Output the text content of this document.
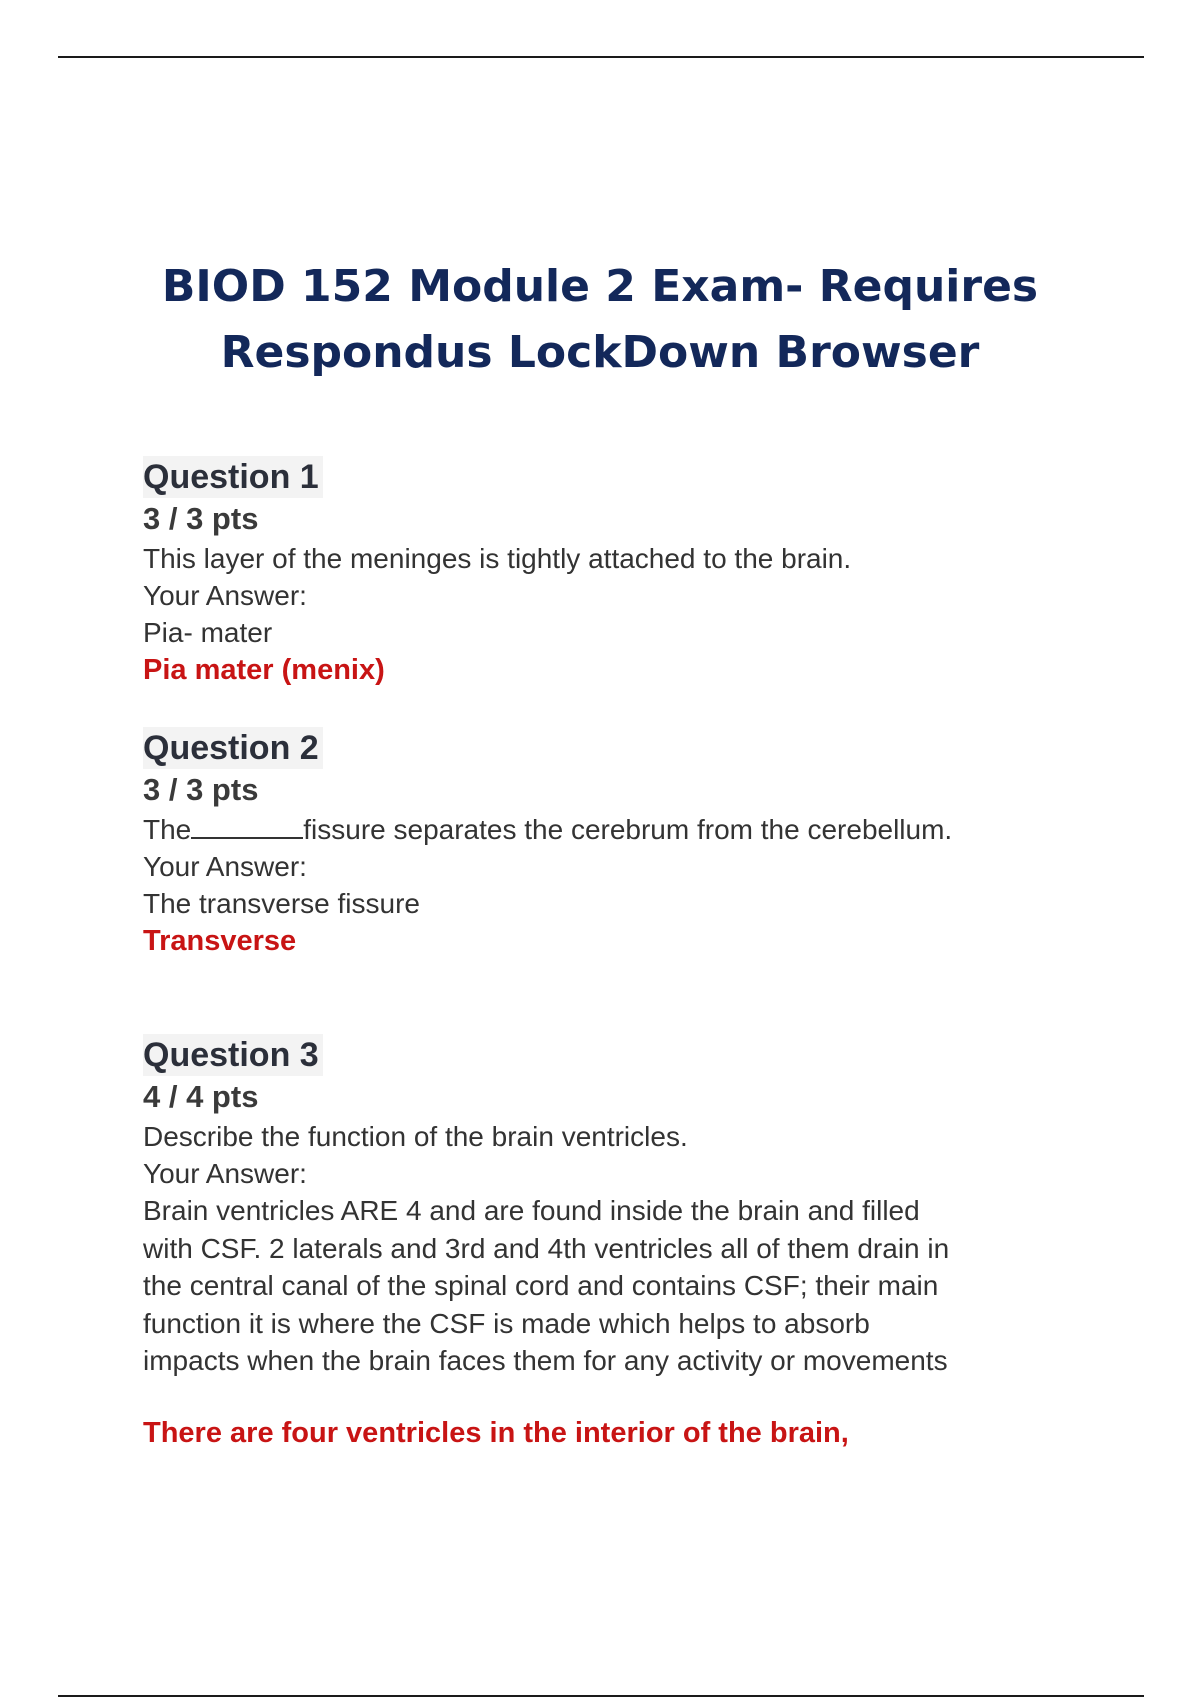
BIOD 152 Module 2 Exam- Requires Respondus LockDown Browser
Question 1
3 / 3 pts
This layer of the meninges is tightly attached to the brain.
Your Answer:
Pia- mater
Pia mater (menix)
Question 2
3 / 3 pts
The	fissure separates the cerebrum from the cerebellum.
Your Answer:
The transverse fissure
Transverse
Question 3
4 / 4 pts
Describe the function of the brain ventricles.
Your Answer:
Brain ventricles ARE 4 and are found inside the brain and filled
with CSF. 2 laterals and 3rd and 4th ventricles all of them drain in
the central canal of the spinal cord and contains CSF; their main
function it is where the CSF is made which helps to absorb
impacts when the brain faces them for any activity or movements
There are four ventricles in the interior of the brain,
